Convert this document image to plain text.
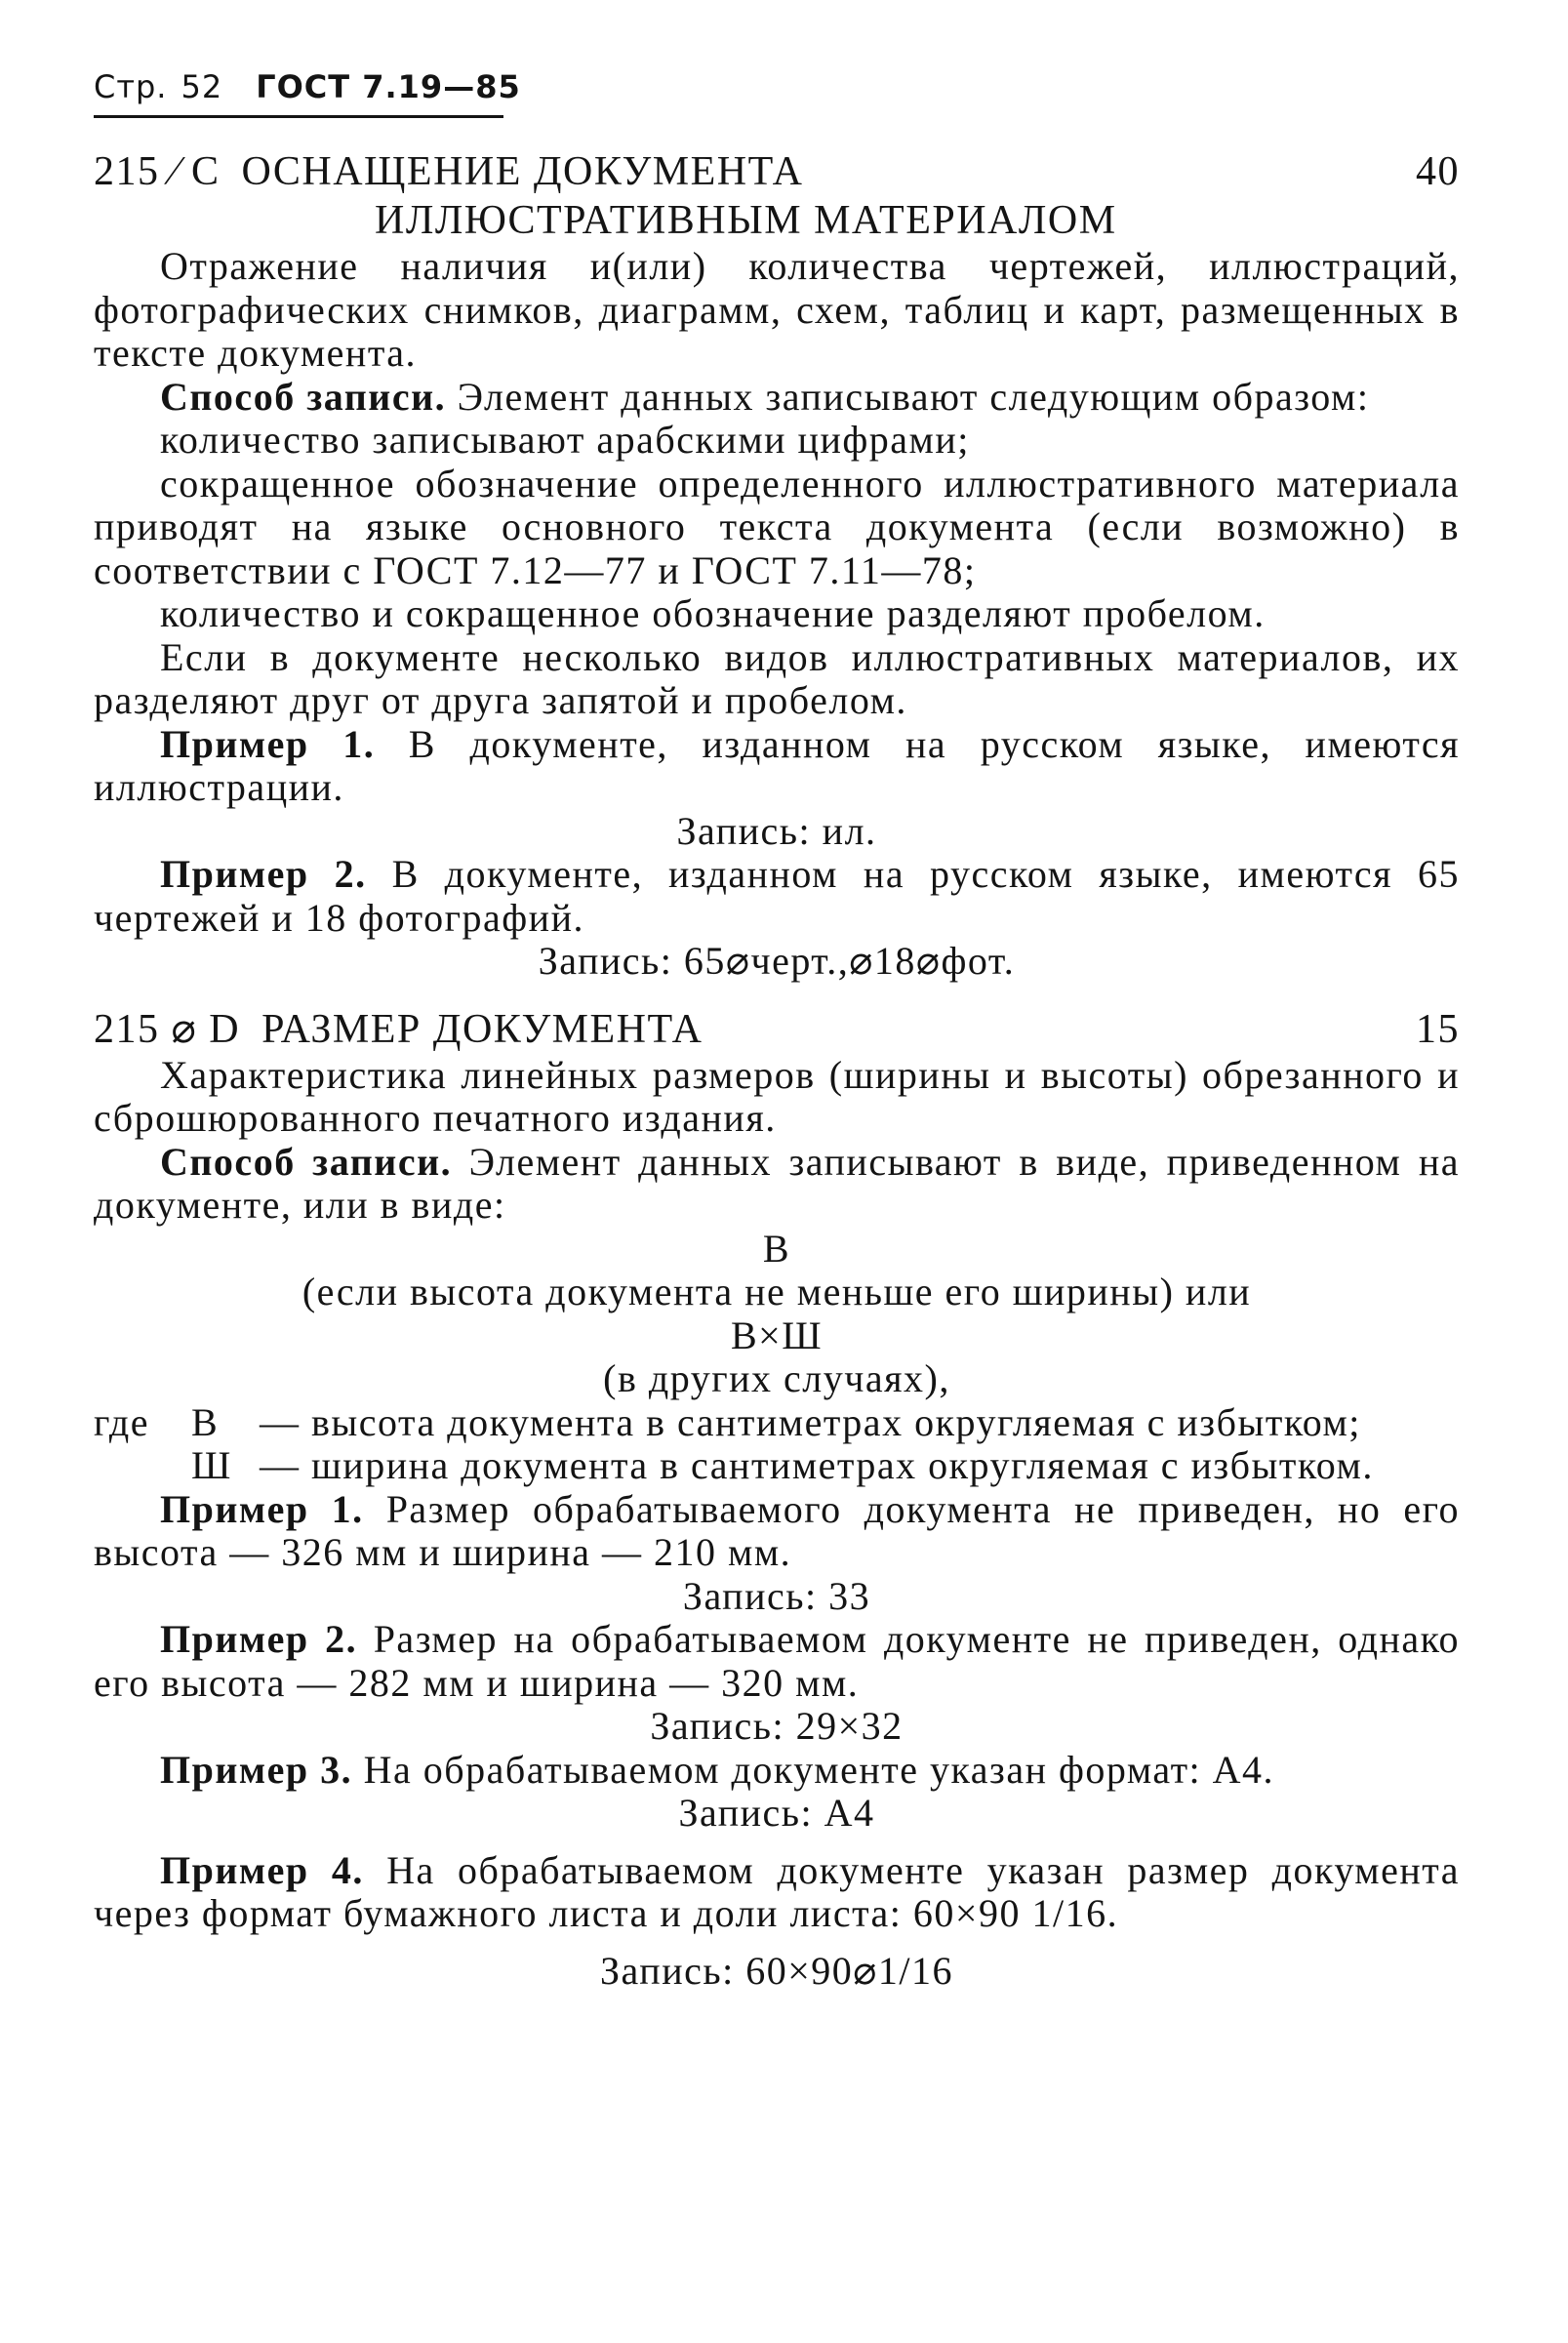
Стр. 52 ГОСТ 7.19—85
215 ⁄ С ОСНАЩЕНИЕ ДОКУМЕНТА
ИЛЛЮСТРАТИВНЫМ МАТЕРИАЛОМ
40

Отражение наличия и(или) количества чертежей, иллюстраций, фотографических снимков, диаграмм, схем, таблиц и карт, размещенных в тексте документа.

Способ записи. Элемент данных записывают следующим образом:

количество записывают арабскими цифрами;

сокращенное обозначение определенного иллюстративного материала приводят на языке основного текста документа (если возможно) в соответствии с ГОСТ 7.12—77 и ГОСТ 7.11—78;

количество и сокращенное обозначение разделяют пробелом.

Если в документе несколько видов иллюстративных материалов, их разделяют друг от друга запятой и пробелом.

Пример 1. В документе, изданном на русском языке, имеются иллюстрации.

Запись: ил.

Пример 2. В документе, изданном на русском языке, имеются 65 чертежей и 18 фотографий.

Запись: 65⌀черт.,⌀18⌀фот.

215 ⌀ D РАЗМЕР ДОКУМЕНТА	15

Характеристика линейных размеров (ширины и высоты) обрезанного и сброшюрованного печатного издания.

Способ записи. Элемент данных записывают в виде, приведенном на документе, или в виде:

В

(если высота документа не меньше его ширины) или

В×Ш

(в других случаях),

где	В	— высота документа в сантиметрах округляемая с избытком;
Ш — ширина документа в сантиметрах округляемая с избытком.

Пример 1. Размер обрабатываемого документа не приведен, но его высота — 326 мм и ширина — 210 мм.

Запись: 33

Пример 2. Размер на обрабатываемом документе не приведен, однако его высота — 282 мм и ширина — 320 мм.

Запись: 29×32

Пример 3. На обрабатываемом документе указан формат: А4.

Запись: А4

Пример 4. На обрабатываемом документе указан размер документа через формат бумажного листа и доли листа: 60×90 1/16.

Запись: 60×90⌀1/16
